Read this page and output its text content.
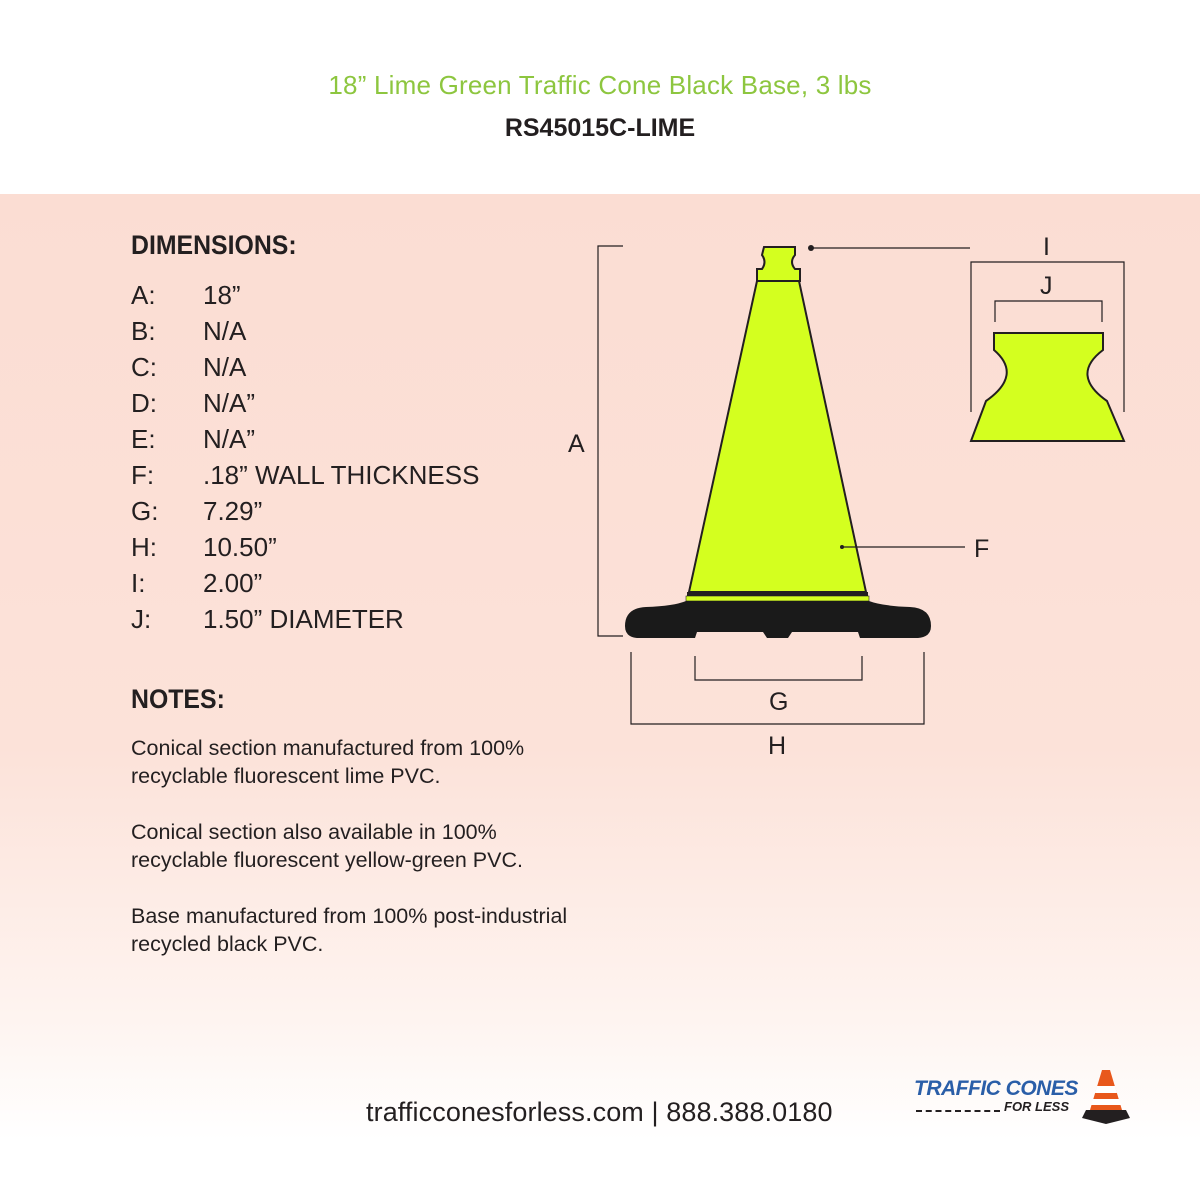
18” Lime Green Traffic Cone Black Base, 3 lbs
RS45015C-LIME
DIMENSIONS:
A: 18”
B: N/A
C: N/A
D: N/A”
E: N/A”
F: .18” WALL THICKNESS
G: 7.29”
H: 10.50”
I: 2.00”
J: 1.50” DIAMETER
NOTES:
Conical section manufactured from 100% recyclable fluorescent lime PVC.
Conical section also available in 100% recyclable fluorescent yellow-green PVC.
Base manufactured from 100% post-industrial recycled black PVC.
A
F
G
H
I
J
trafficconesforless.com | 888.388.0180
TRAFFIC CONES
FOR LESS
